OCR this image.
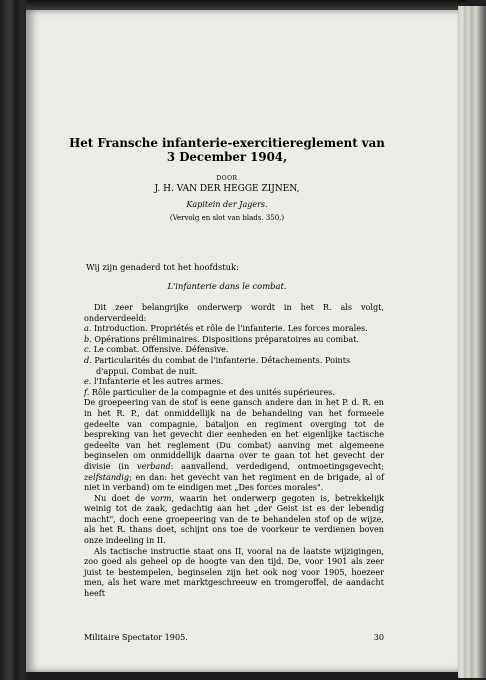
Het Fransche infanterie-exercitiereglement van
3 December 1904,
DOOR
J. H. VAN DER HEGGE ZIJNEN,
Kapitein der Jagers.
(Vervolg en slot van blads. 350.)
Wij zijn genaderd tot het hoofdstuk:
L'infanterie dans le combat.

Dit zeer belangrijke onderwerp wordt in het R. als volgt, onderverdeeld:

a. Introduction. Propriétés et rôle de l'infanterie. Les forces morales.
b. Opérations préliminaires. Dispositions préparatoires au combat.
c. Le combat. Offensive. Défensive.
d. Particularités du combat de l'infanterie. Détachements. Points d'appui. Combat de nuit.
e. l'Infanterie et les autres armes.
f. Rôle particulier de la compagnie et des unités supérieures.

De groepeering van de stof is eene gansch andere dan in het P. d. R. en in het R. P., dat onmiddellijk na de behandeling van het formeele gedeelte van compagnie, bataljon en regiment overging tot de bespreking van het gevecht dier eenheden en het eigenlijke tactische gedeelte van het reglement (Du combat) aanving met algemeene beginselen om onmiddellijk daarna over te gaan tot het gevecht der divisie (in verband: aanvallend, verdedigend, ontmoetingsgevecht; zelfstandig; en dan: het gevecht van het regiment en de brigade, al of niet in verband) om te eindigen met „Des forces morales".

Nu doet de vorm, waarin het onderwerp gegoten is, betrekkelijk weinig tot de zaak, gedachtig aan het „der Geist ist es der lebendig macht", doch eene groepeering van de te behandelen stof op de wijze, als het R. thans doet, schijnt ons toe de voorkeur te verdienen boven onze indeeling in II.

Als tactische instructie staat ons II, vooral na de laatste wijzigingen, zoo goed als geheel op de hoogte van den tijd. De, voor 1901 als zeer juist te bestempelen, beginselen zijn het ook nog voor 1905, hoezeer men, als het ware met marktgeschreeuw en tromgeroffel, de aandacht heeft

Militaire Spectator 1905.	30
